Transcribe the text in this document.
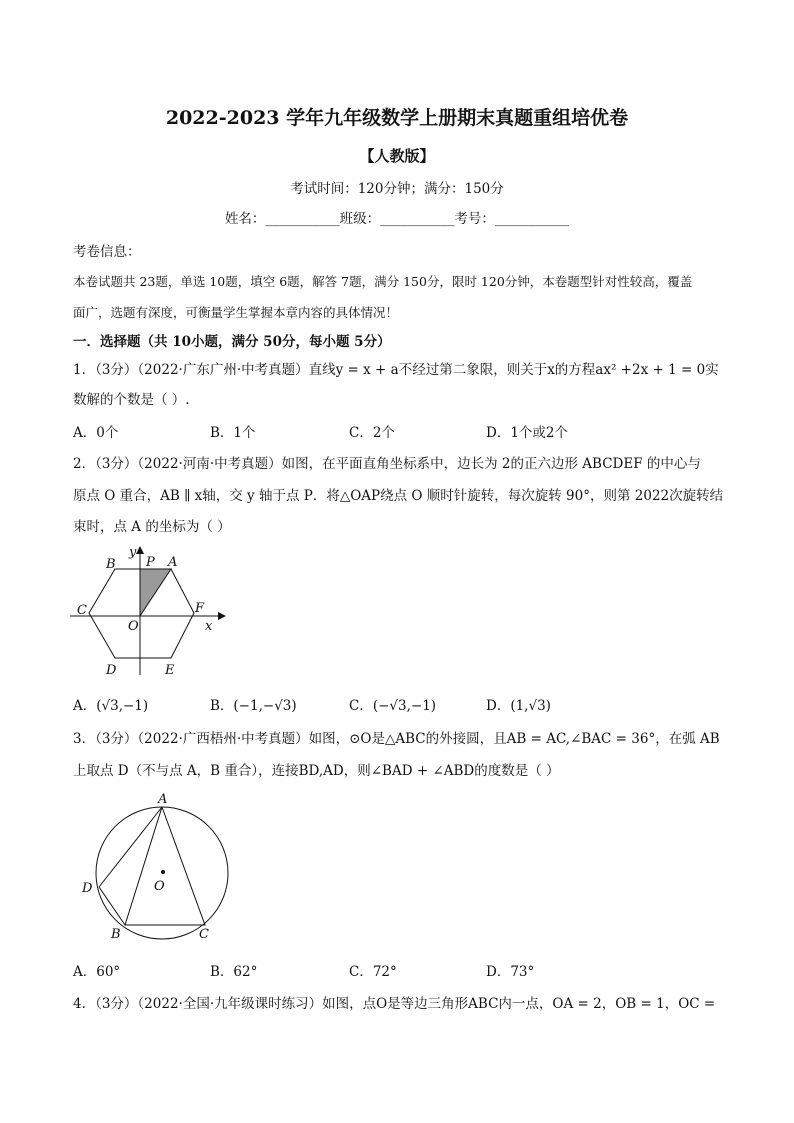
2022-2023 学年九年级数学上册期末真题重组培优卷
【人教版】
考试时间：120分钟；满分：150分
姓名：___________班级：___________考号：___________
考卷信息：
本卷试题共 23题，单选 10题，填空 6题，解答 7题，满分 150分，限时 120分钟，本卷题型针对性较高，覆盖
面广，选题有深度，可衡量学生掌握本章内容的具体情况！
一．选择题（共 10小题，满分 50分，每小题 5分）
1．（3分）（2022·广东广州·中考真题）直线y = x + a不经过第二象限，则关于x的方程ax² +2x + 1 = 0实
数解的个数是（ ）.
A．0个	B．1个	C．2个	D．1个或2个
2．（3分）（2022·河南·中考真题）如图，在平面直角坐标系中，边长为 2的正六边形 ABCDEF 的中心与
原点 O 重合，AB ∥ x轴，交 y 轴于点 P．将△OAP绕点 O 顺时针旋转，每次旋转 90°，则第 2022次旋转结
束时，点 A 的坐标为（ ）
y
P
B	A
C	F
O	x
D	E
A．(√3,−1)	B．(−1,−√3)	C．(−√3,−1)	D．(1,√3)
3．（3分）（2022·广西梧州·中考真题）如图，⊙O是△ABC的外接圆，且AB = AC,∠BAC = 36°，在弧 AB
上取点 D（不与点 A，B 重合），连接BD,AD，则∠BAD + ∠ABD的度数是（ ）
A
D	O
B	C
A．60°	B．62°	C．72°	D．73°
4．（3分）（2022·全国·九年级课时练习）如图，点O是等边三角形ABC内一点，OA = 2，OB = 1，OC =
